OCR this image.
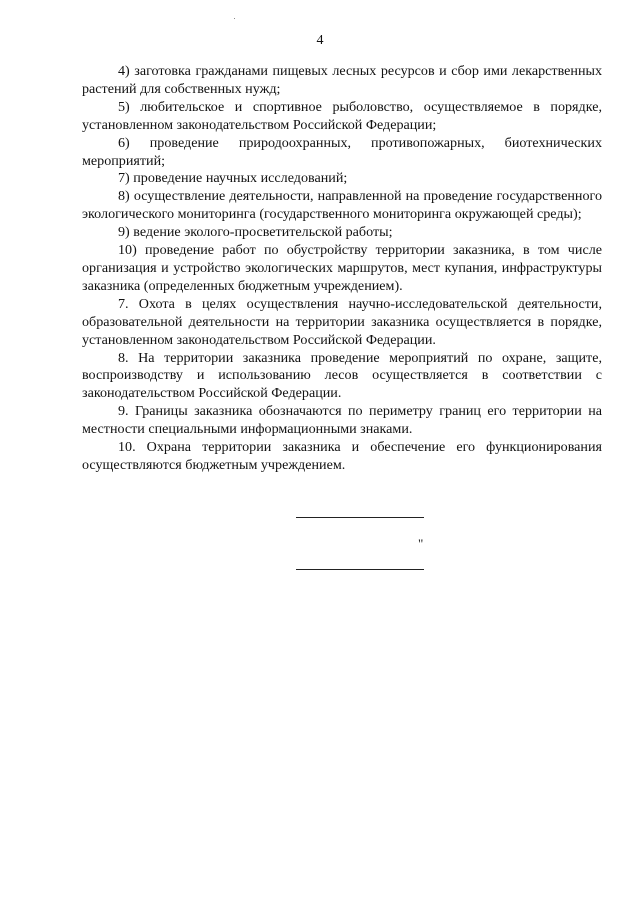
4

4) заготовка гражданами пищевых лесных ресурсов и сбор ими лекарственных растений для собственных нужд;

5) любительское и спортивное рыболовство, осуществляемое в порядке, установленном законодательством Российской Федерации;

6) проведение природоохранных, противопожарных, биотехнических мероприятий;

7) проведение научных исследований;

8) осуществление деятельности, направленной на проведение государственного экологического мониторинга (государственного мониторинга окружающей среды);

9) ведение эколого-просветительской работы;

10) проведение работ по обустройству территории заказника, в том числе организация и устройство экологических маршрутов, мест купания, инфраструктуры заказника (определенных бюджетным учреждением).

7. Охота в целях осуществления научно-исследовательской деятельности, образовательной деятельности на территории заказника осуществляется в порядке, установленном законодательством Российской Федерации.

8. На территории заказника проведение мероприятий по охране, защите, воспроизводству и использованию лесов осуществляется в соответствии с законодательством Российской Федерации.

9. Границы заказника обозначаются по периметру границ его территории на местности специальными информационными знаками.

10. Охрана территории заказника и обеспечение его функционирования осуществляются бюджетным учреждением.

"
